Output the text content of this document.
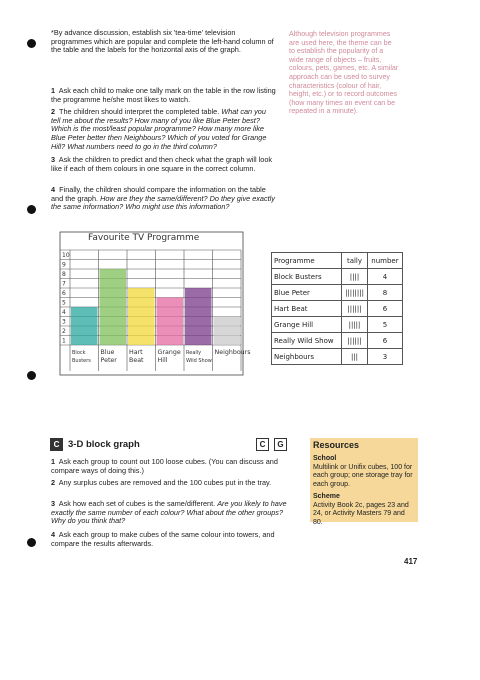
*By advance discussion, establish six 'tea-time' television programmes which are popular and complete the left-hand column of the table and the labels for the horizontal axis of the graph.
Although television programmes are used here, the theme can be to establish the popularity of a wide range of objects – fruits, colours, pets, games, etc. A similar approach can be used to survey characteristics (colour of hair, height, etc.) or to record outcomes (how many times an event can be repeated in a minute).
1 Ask each child to make one tally mark on the table in the row listing the programme he/she most likes to watch.
2 The children should interpret the completed table. What can you tell me about the results? How many of you like Blue Peter best? Which is the most/least popular programme? How many more like Blue Peter better then Neighbours? Which of you voted for Grange Hill? What numbers need to go in the third column?
3 Ask the children to predict and then check what the graph will look like if each of them colours in one square in the correct column.
4 Finally, the children should compare the information on the table and the graph. How are they the same/different? Do they give exactly the same information? Who might use this information?
10
9
8
7
6
5
4
3
2
1
Block
Busters
Blue
Peter
Hart
Beat
Grange
Hill
Really
Wild Show
Neighbours
Favourite TV Programme
Programme	tally	number
Block Busters	||||	4
Blue Peter	||||||||	8
Hart Beat	||||||	6
Grange Hill	|||||	5
Really Wild Show	||||||	6
Neighbours	|||	3
C 3-D block graph	C	G
1 Ask each group to count out 100 loose cubes. (You can discuss and compare ways of doing this.)
2 Any surplus cubes are removed and the 100 cubes put in the tray.
3 Ask how each set of cubes is the same/different. Are you likely to have exactly the same number of each colour? What about the other groups? Why do you think that?
4 Ask each group to make cubes of the same colour into towers, and compare the results afterwards.
Resources
School
Multilink or Unifix cubes, 100 for each group; one storage tray for each group.

Scheme
Activity Book 2c, pages 23 and 24, or Activity Masters 79 and 80.
417
